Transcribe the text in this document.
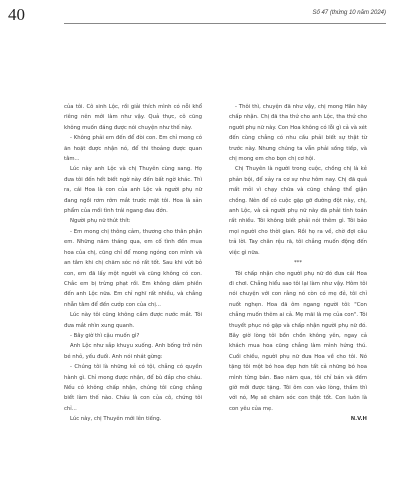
40	Số 47 (thứng 10 năm 2024)

của tôi. Cô sinh Lộc, rồi giải thích mình có nỗi khổ riêng nên mới làm như vậy. Quả thực, cô cũng không muốn đáng được nói chuyện như thế này.

- Không phải em đến để đòi con. Em chỉ mong có ăn hoặt được nhận nó, để thi thoảng được quan tâm...

Lúc này anh Lộc và chị Thuyên cùng sang. Họ đưa tôi đến hết biết ngờ này đến bất ngờ khác. Thì ra, cái Hoa là con của anh Lộc và người phụ nữ đang ngồi rơm rớm mắt trước mặt tôi. Hoa là sản phẩm của mối tình trái ngang đau đớn.

Người phụ nữ thút thít:

- Em mong chị thông cảm, thương cho thân phận em. Những năm tháng qua, em cố tình đến mua hoa của chị, cũng chỉ để mong ngóng con mình và an tâm khi chị chăm sóc nó rất tốt. Sau khi vứt bỏ con, em đã lấy một người và cũng không có con. Chắc em bị trừng phạt rồi. Em không dám phiền đến anh Lộc nữa. Em chỉ nghĩ rất nhiều, và chẳng nhẫn tâm để đến cướp con của chị...

Lúc này tôi cũng không cầm được nước mắt. Tôi đưa mắt nhìn xung quanh.

- Bây giờ thì cậu muốn gì?

Anh Lộc như sắp khuỵu xuống. Anh bống trở nên bé nhỏ, yếu đuối. Anh nói nhát gừng:

- Chúng tôi là những kẻ có tội, chẳng có quyền hành gì. Chỉ mong được nhận, để bù đắp cho cháu. Nếu có không chấp nhận, chúng tôi cũng chẳng biết làm thế nào. Cháu là con của cô, chứng tôi chỉ...

Lúc này, chị Thuyên mới lên tiếng.

- Thôi thì, chuyện đã như vậy, chị mong Hân hãy chấp nhận. Chị đã tha thứ cho anh Lộc, tha thứ cho người phụ nữ này. Con Hoa không có lỗi gì cả và xét đến cùng chẳng có nhu cầu phải biết sự thật từ trước này. Nhưng chúng ta vẫn phải sống tiếp, và chị mong em cho bọn chị cơ hội.

Chị Thuyên là người trong cuộc, chồng chị là kẻ phản bội, để xảy ra cơ sự như hôm nay. Chị đã quá mất mỏi vì chạy chữa và cũng chẳng thể giận chồng. Nên để có cuộc gặp gỡ đường đột này, chị, anh Lộc, và cả người phụ nữ này đã phải tính toán rất nhiều. Tôi không biết phải nói thêm gì. Tôi bảo mọi người cho thời gian. Rồi họ ra về, chờ đợi câu trả lời. Tay chân rệu rã, tôi chẳng muốn động đến việc gì nữa.

***

Tôi chấp nhận cho người phụ nữ đó đưa cái Hoa đi chơi. Chẳng hiểu sao tôi lại làm như vậy. Hôm tôi nói chuyện với con rằng nó còn có mẹ đẻ, tôi chỉ nuốt nghẹn. Hoa đã ôm ngang người tôi: "Con chẳng muốn thêm ai cả. Mẹ mãi là mẹ của con". Tôi thuyết phục nó gặp và chấp nhận người phụ nữ đó. Bây giờ lòng tôi bồn chồn không yên, ngay cả khách mua hoa cũng chẳng làm mình hứng thú. Cuối chiều, người phụ nữ đưa Hoa về cho tôi. Nó tặng tôi một bó hoa đẹp hơn tất cả những bó hoa mình từng bán. Bao năm qua, tôi chỉ bán và đếm giờ mới được tặng. Tôi ôm con vào lòng, thầm thì với nó, Mẹ sẽ chăm sóc con thật tốt. Con luôn là con yêu của mẹ.

N.V.H
